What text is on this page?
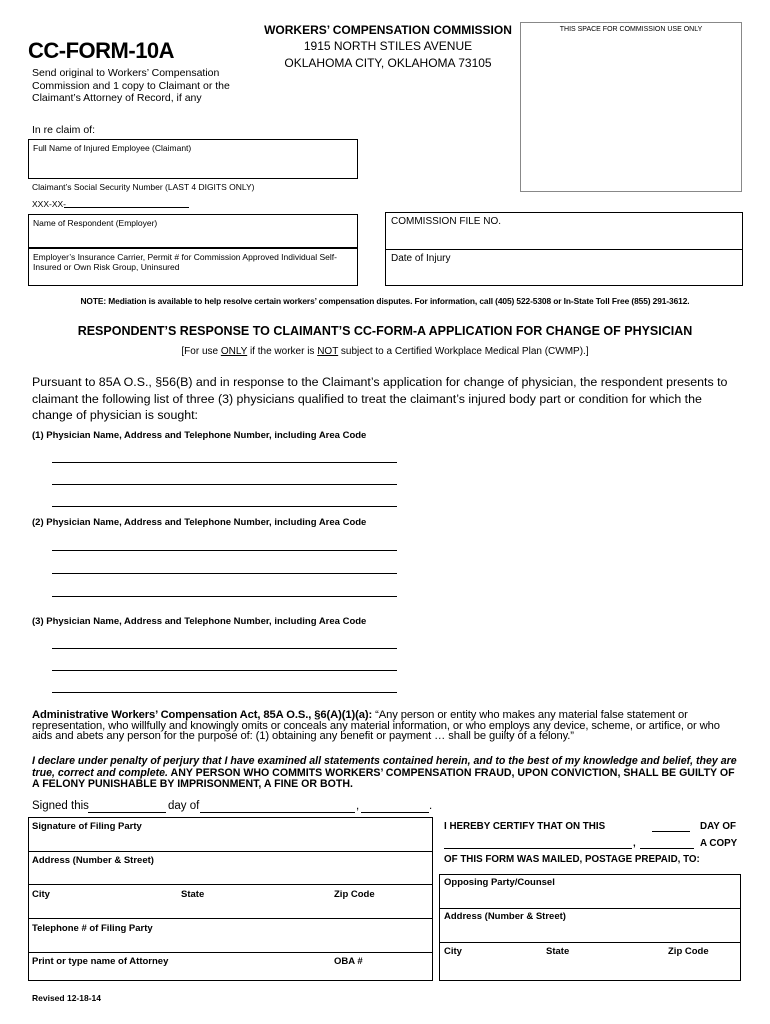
CC-FORM-10A
Send original to Workers’ Compensation Commission and 1 copy to Claimant or the Claimant’s Attorney of Record, if any
WORKERS’ COMPENSATION COMMISSION
1915 NORTH STILES AVENUE
OKLAHOMA CITY, OKLAHOMA 73105
THIS SPACE FOR COMMISSION USE ONLY
In re claim of:
Full Name of Injured Employee (Claimant)
Claimant’s Social Security Number (LAST 4 DIGITS ONLY)
XXX-XX-
Name of Respondent (Employer)	COMMISSION FILE NO.
Employer’s Insurance Carrier, Permit # for Commission Approved Individual Self-Insured or Own Risk Group, Uninsured
Date of Injury
NOTE: Mediation is available to help resolve certain workers’ compensation disputes. For information, call (405) 522-5308 or In-State Toll Free (855) 291-3612.
RESPONDENT’S RESPONSE TO CLAIMANT’S CC-FORM-A APPLICATION FOR CHANGE OF PHYSICIAN
[For use ONLY if the worker is NOT subject to a Certified Workplace Medical Plan (CWMP).]
Pursuant to 85A O.S., §56(B) and in response to the Claimant’s application for change of physician, the respondent presents to claimant the following list of three (3) physicians qualified to treat the claimant’s injured body part or condition for which the change of physician is sought:
(1) Physician Name, Address and Telephone Number, including Area Code
(2) Physician Name, Address and Telephone Number, including Area Code
(3) Physician Name, Address and Telephone Number, including Area Code
Administrative Workers’ Compensation Act, 85A O.S., §6(A)(1)(a): “Any person or entity who makes any material false statement or representation, who willfully and knowingly omits or conceals any material information, or who employs any device, scheme, or artifice, or who aids and abets any person for the purpose of: (1) obtaining any benefit or payment … shall be guilty of a felony.”
I declare under penalty of perjury that I have examined all statements contained herein, and to the best of my knowledge and belief, they are true, correct and complete. ANY PERSON WHO COMMITS WORKERS’ COMPENSATION FRAUD, UPON CONVICTION, SHALL BE GUILTY OF A FELONY PUNISHABLE BY IMPRISONMENT, A FINE OR BOTH.
Signed this	day of	,	.
Signature of Filing Party
Address (Number & Street)
City	State	Zip Code
Telephone # of Filing Party
Print or type name of Attorney	OBA #
I HEREBY CERTIFY THAT ON THIS	DAY OF
,	A COPY
OF THIS FORM WAS MAILED, POSTAGE PREPAID, TO:
Opposing Party/Counsel
Address (Number & Street)
City	State	Zip Code
Revised 12-18-14
